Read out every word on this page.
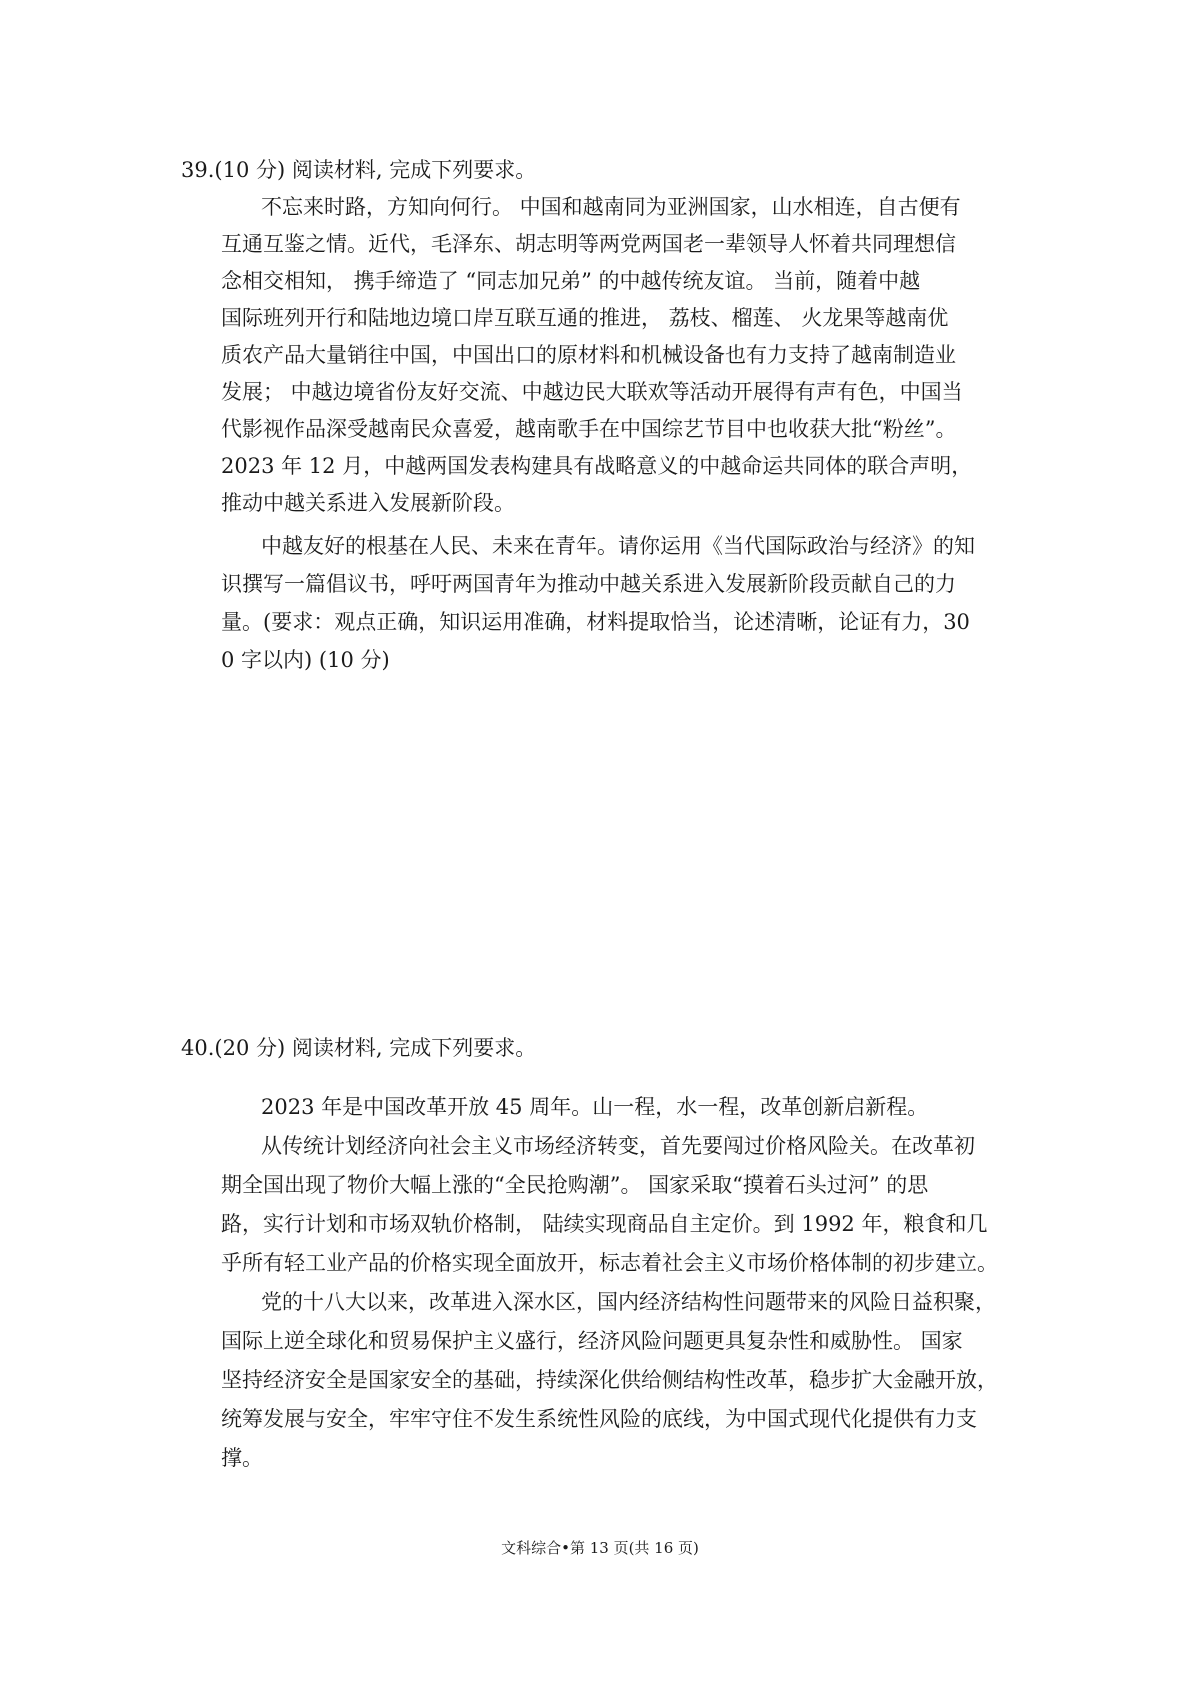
39.(10 分) 阅读材料, 完成下列要求。
不忘来时路，方知向何行。 中国和越南同为亚洲国家，山水相连，自古便有
互通互鉴之情。近代，毛泽东、胡志明等两党两国老一辈领导人怀着共同理想信
念相交相知， 携手缔造了 “同志加兄弟” 的中越传统友谊。 当前，随着中越
国际班列开行和陆地边境口岸互联互通的推进， 荔枝、榴莲、 火龙果等越南优
质农产品大量销往中国，中国出口的原材料和机械设备也有力支持了越南制造业
发展； 中越边境省份友好交流、中越边民大联欢等活动开展得有声有色，中国当
代影视作品深受越南民众喜爱，越南歌手在中国综艺节目中也收获大批“粉丝”。
2023 年 12 月，中越两国发表构建具有战略意义的中越命运共同体的联合声明，
推动中越关系进入发展新阶段。
中越友好的根基在人民、未来在青年。请你运用《当代国际政治与经济》的知
识撰写一篇倡议书，呼吁两国青年为推动中越关系进入发展新阶段贡献自己的力
量。(要求：观点正确，知识运用准确，材料提取恰当，论述清晰，论证有力，30
0 字以内) (10 分)
40.(20 分) 阅读材料, 完成下列要求。
2023 年是中国改革开放 45 周年。山一程，水一程，改革创新启新程。
从传统计划经济向社会主义市场经济转变，首先要闯过价格风险关。在改革初
期全国出现了物价大幅上涨的“全民抢购潮”。 国家采取“摸着石头过河” 的思
路，实行计划和市场双轨价格制， 陆续实现商品自主定价。到 1992 年，粮食和几
乎所有轻工业产品的价格实现全面放开，标志着社会主义市场价格体制的初步建立。
党的十八大以来，改革进入深水区，国内经济结构性问题带来的风险日益积聚，
国际上逆全球化和贸易保护主义盛行，经济风险问题更具复杂性和威胁性。 国家
坚持经济安全是国家安全的基础，持续深化供给侧结构性改革，稳步扩大金融开放，
统筹发展与安全，牢牢守住不发生系统性风险的底线，为中国式现代化提供有力支
撑。
文科综合•第 13 页(共 16 页)
